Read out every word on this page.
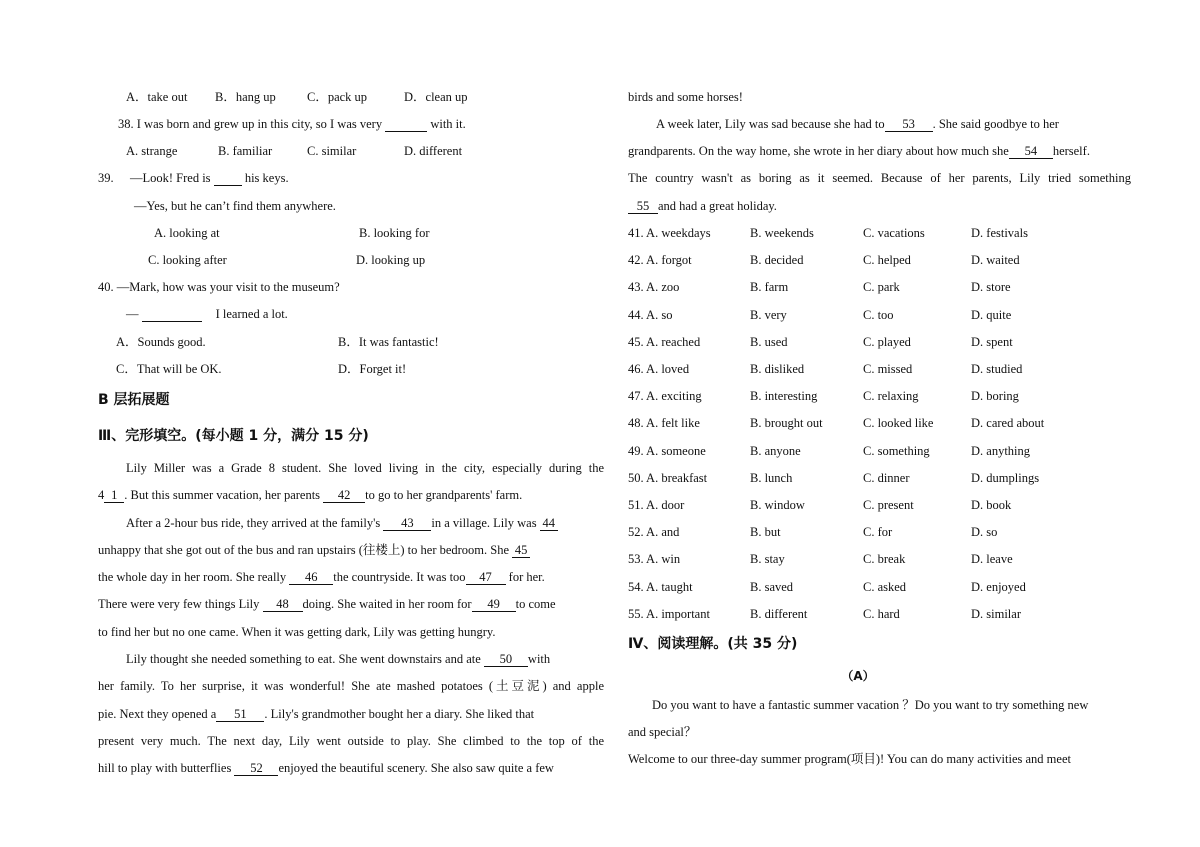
A．take out B．hang up C．pack up	D．clean up
38. I was born and grew up in this city, so I was very	with it.
A. strange	B. familiar	C. similar	D. different
39. —Look! Fred is   his keys.
—Yes, but he can’t find them anywhere.
A. looking at	B. looking for
C. looking after	D. looking up
40. —Mark, how was your visit to the museum?
—	I learned a lot.
A．Sounds good.	B．It was fantastic!
C．That will be OK.	D．Forget it!
B 层拓展题
Ⅲ、完形填空。(每小题 1 分，满分 15 分)
Lily Miller was a Grade 8 student. She loved living in the city, especially during the
4 1 . But this summer vacation, her parents 42 to go to her grandparents' farm.
After a 2-hour bus ride, they arrived at the family's 43 in a village. Lily was 44
unhappy that she got out of the bus and ran upstairs (往楼上) to her bedroom. She 45
the whole day in her room. She really 46 the countryside. It was too 47 for her.
There were very few things Lily 48 doing. She waited in her room for 49 to come
to find her but no one came. When it was getting dark, Lily was getting hungry.
Lily thought she needed something to eat. She went downstairs and ate 50 with
her family. To her surprise, it was wonderful! She ate mashed potatoes (土豆泥) and apple
pie. Next they opened a 51 . Lily's grandmother bought her a diary. She liked that
present very much. The next day, Lily went outside to play. She climbed to the top of the
hill to play with butterflies 52 enjoyed the beautiful scenery. She also saw quite a few
birds and some horses!
A week later, Lily was sad because she had to 53 . She said goodbye to her
grandparents. On the way home, she wrote in her diary about how much she 54 herself.
The country wasn't as boring as it seemed. Because of her parents, Lily tried something
55 and had a great holiday.
41. A. weekdays	B. weekends	C. vacations	D. festivals
42. A. forgot	B. decided	C. helped	D. waited
43. A. zoo	B. farm	C. park	D. store
44. A. so	B. very	C. too	D. quite
45. A. reached	B. used	C. played	D. spent
46. A. loved	B. disliked	C. missed	D. studied
47. A. exciting	B. interesting	C. relaxing	D. boring
48. A. felt like	B. brought out	C. looked like	D. cared about
49. A. someone	B. anyone	C. something	D. anything
50. A. breakfast	B. lunch	C. dinner	D. dumplings
51. A. door	B. window	C. present	D. book
52. A. and	B. but	C. for	D. so
53. A. win	B. stay	C. break	D. leave
54. A. taught	B. saved	C. asked	D. enjoyed
55. A. important	B. different	C. hard	D. similar
Ⅳ、阅读理解。(共 35 分)
（A）
Do you want to have a fantastic summer vacation ？Do you want to try something new
and special？
Welcome to our three-day summer program(项目)! You can do many activities and meet
